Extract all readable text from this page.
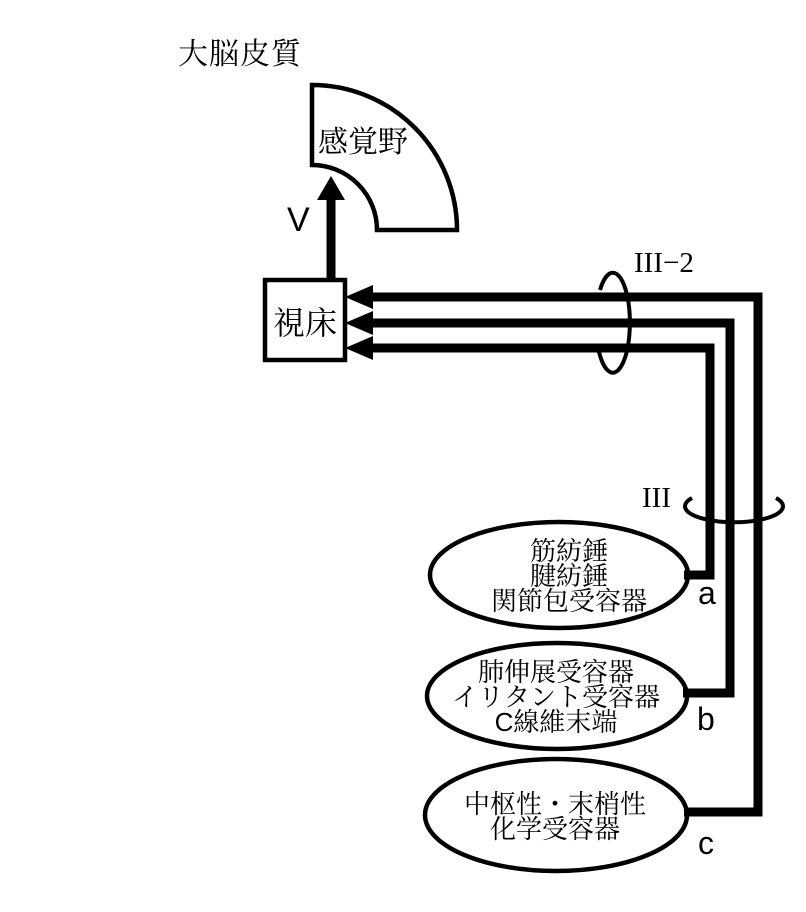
大脳皮質
感覚野
V
視床
III−2
III
筋紡錘
腱紡錘
関節包受容器 a
肺伸展受容器
イリタント受容器
C線維末端 b
中枢性・末梢性
化学受容器 c
